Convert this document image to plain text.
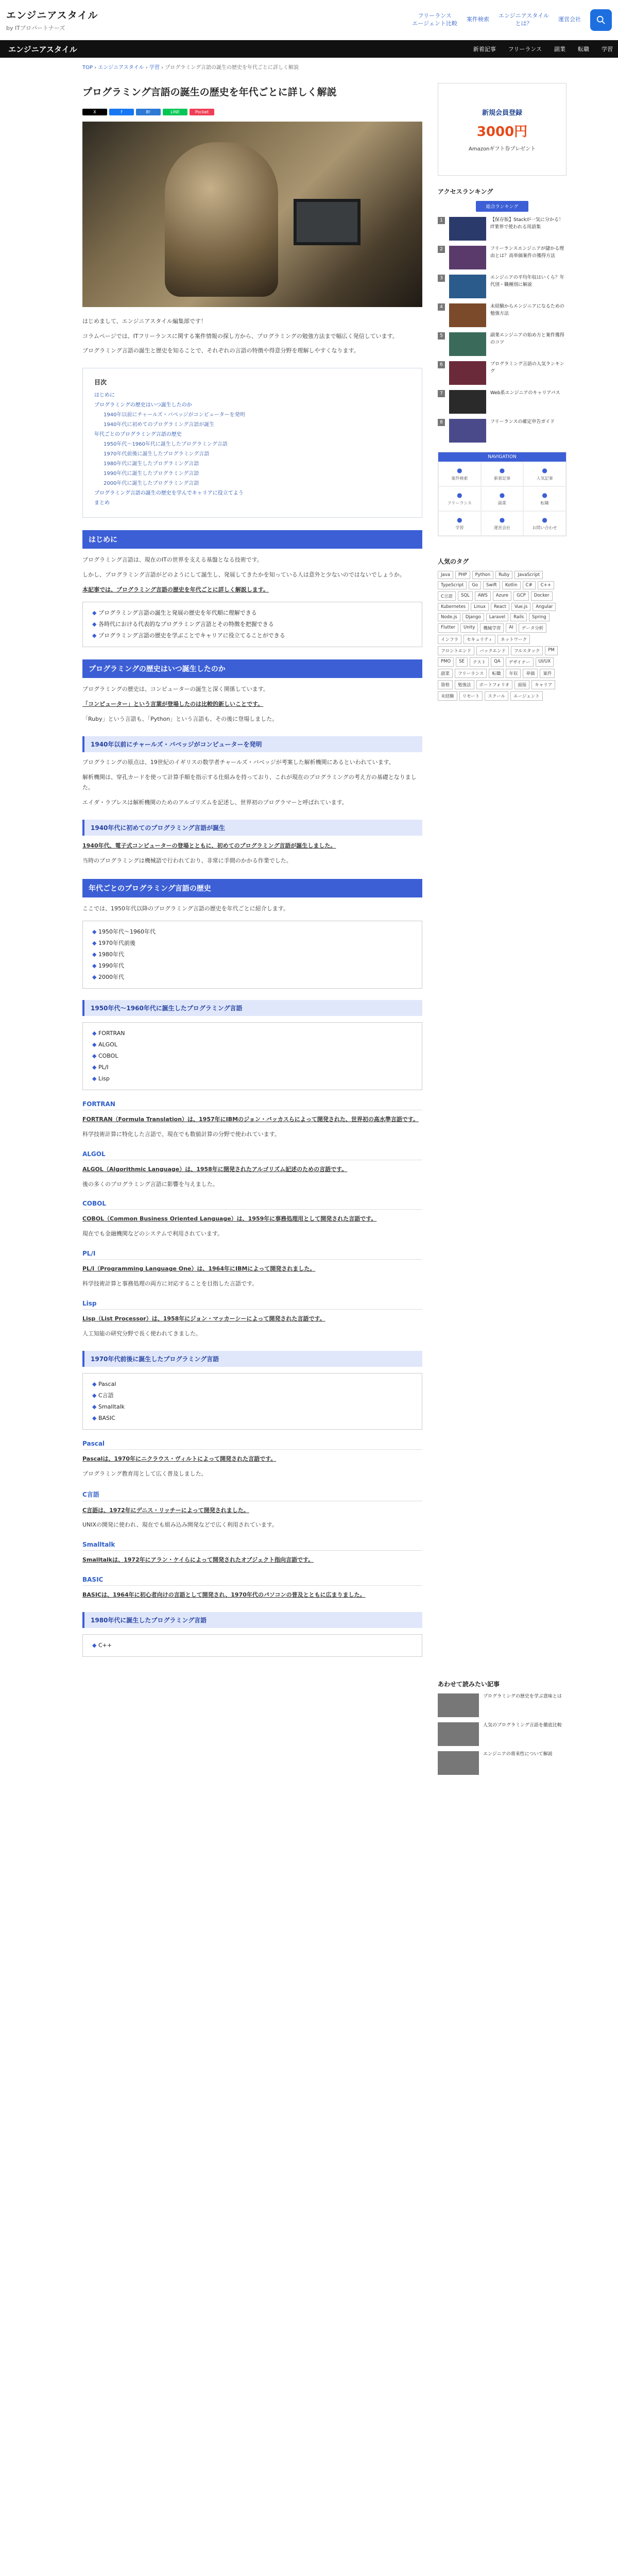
エンジニアスタイル
by ITプロパートナーズ
フリーランス
エージェント比較
案件検索
エンジニアスタイル
とは？
運営会社
エンジニアスタイル	新着記事 フリーランス 副業 転職 学習
TOP › エンジニアスタイル › 学習 › プログラミング言語の誕生の歴史を年代ごとに詳しく解説
プログラミング言語の誕生の歴史を年代ごとに詳しく解説
X	f	B!	LINE	Pocket

はじめまして、エンジニアスタイル編集部です！

コラムページでは、ITフリーランスに関する案件情報の探し方から、プログラミングの勉強方法まで幅広く発信しています。

プログラミング言語の誕生と歴史を知ることで、それぞれの言語の特徴や得意分野を理解しやすくなります。

目次
はじめに
プログラミングの歴史はいつ誕生したのか
1940年以前にチャールズ・バベッジがコンピューターを発明
1940年代に初めてのプログラミング言語が誕生
年代ごとのプログラミング言語の歴史
1950年代〜1960年代に誕生したプログラミング言語
1970年代前後に誕生したプログラミング言語
1980年代に誕生したプログラミング言語
1990年代に誕生したプログラミング言語
2000年代に誕生したプログラミング言語
プログラミング言語の誕生の歴史を学んでキャリアに役立てよう
まとめ
はじめに

プログラミング言語は、現在のITの世界を支える基盤となる技術です。

しかし、プログラミング言語がどのようにして誕生し、発展してきたかを知っている人は意外と少ないのではないでしょうか。

本記事では、プログラミング言語の歴史を年代ごとに詳しく解説します。

◆ プログラミング言語の誕生と発展の歴史を年代順に理解できる
◆ 各時代における代表的なプログラミング言語とその特徴を把握できる
◆ プログラミング言語の歴史を学ぶことでキャリアに役立てることができる
プログラミングの歴史はいつ誕生したのか

プログラミングの歴史は、コンピューターの誕生と深く関係しています。

「コンピューター」という言葉が登場したのは比較的新しいことです。

「Ruby」という言語も、「Python」という言語も、その後に登場しました。

1940年以前にチャールズ・バベッジがコンピューターを発明

プログラミングの原点は、19世紀のイギリスの数学者チャールズ・バベッジが考案した解析機関にあるといわれています。

解析機関は、穿孔カードを使って計算手順を指示する仕組みを持っており、これが現在のプログラミングの考え方の基礎となりました。

エイダ・ラブレスは解析機関のためのアルゴリズムを記述し、世界初のプログラマーと呼ばれています。

1940年代に初めてのプログラミング言語が誕生

1940年代、電子式コンピューターの登場とともに、初めてのプログラミング言語が誕生しました。

当時のプログラミングは機械語で行われており、非常に手間のかかる作業でした。

年代ごとのプログラミング言語の歴史

ここでは、1950年代以降のプログラミング言語の歴史を年代ごとに紹介します。

◆ 1950年代〜1960年代
◆ 1970年代前後
◆ 1980年代
◆ 1990年代
◆ 2000年代
1950年代〜1960年代に誕生したプログラミング言語
◆ FORTRAN
◆ ALGOL
◆ COBOL
◆ PL/I
◆ Lisp
FORTRAN

FORTRAN（Formula Translation）は、1957年にIBMのジョン・バッカスらによって開発された、世界初の高水準言語です。

科学技術計算に特化した言語で、現在でも数値計算の分野で使われています。

ALGOL

ALGOL（Algorithmic Language）は、1958年に開発されたアルゴリズム記述のための言語です。

後の多くのプログラミング言語に影響を与えました。

COBOL

COBOL（Common Business Oriented Language）は、1959年に事務処理用として開発された言語です。

現在でも金融機関などのシステムで利用されています。

PL/I

PL/I（Programming Language One）は、1964年にIBMによって開発されました。

科学技術計算と事務処理の両方に対応することを目指した言語です。

Lisp

Lisp（List Processor）は、1958年にジョン・マッカーシーによって開発された言語です。

人工知能の研究分野で長く使われてきました。

1970年代前後に誕生したプログラミング言語
◆ Pascal
◆ C言語
◆ Smalltalk
◆ BASIC
Pascal

Pascalは、1970年にニクラウス・ヴィルトによって開発された言語です。

プログラミング教育用として広く普及しました。

C言語

C言語は、1972年にデニス・リッチーによって開発されました。

UNIXの開発に使われ、現在でも組み込み開発などで広く利用されています。

Smalltalk

Smalltalkは、1972年にアラン・ケイらによって開発されたオブジェクト指向言語です。

BASIC

BASICは、1964年に初心者向けの言語として開発され、1970年代のパソコンの普及とともに広まりました。

1980年代に誕生したプログラミング言語
◆ C++
新規会員登録
3000円
Amazonギフト券プレゼント
アクセスランキング
総合ランキング
1	【保存版】Stackが一気に分かる！IT業界で使われる用語集
2	フリーランスエンジニアが儲かる理由とは？高単価案件の獲得方法
3	エンジニアの平均年収はいくら？年代別・職種別に解説
4	未経験からエンジニアになるための勉強方法
5	副業エンジニアの始め方と案件獲得のコツ
6	プログラミング言語の人気ランキング
7	Web系エンジニアのキャリアパス
8	フリーランスの確定申告ガイド
NAVIGATION
●
案件検索
●
新着記事
●
人気記事
●
フリーランス
●
副業
●
転職
●
学習
●
運営会社
●
お問い合わせ
人気のタグ
Java	PHP	Python	Ruby	JavaScript
TypeScript	Go	Swift	Kotlin	C#	C++
C言語	SQL	AWS	Azure	GCP	Docker
Kubernetes	Linux	React	Vue.js	Angular
Node.js	Django	Laravel	Rails	Spring
Flutter	Unity	機械学習	AI	データ分析
インフラ	セキュリティ	ネットワーク
フロントエンド	バックエンド	フルスタック	PM
PMO	SE	テスト	QA	デザイナー	UI/UX
副業	フリーランス	転職	年収	単価	案件
資格	勉強法	ポートフォリオ	面接	キャリア
未経験	リモート	スクール	エージェント
あわせて読みたい記事
プログラミングの歴史を学ぶ意味とは
人気のプログラミング言語を徹底比較
エンジニアの将来性について解説
